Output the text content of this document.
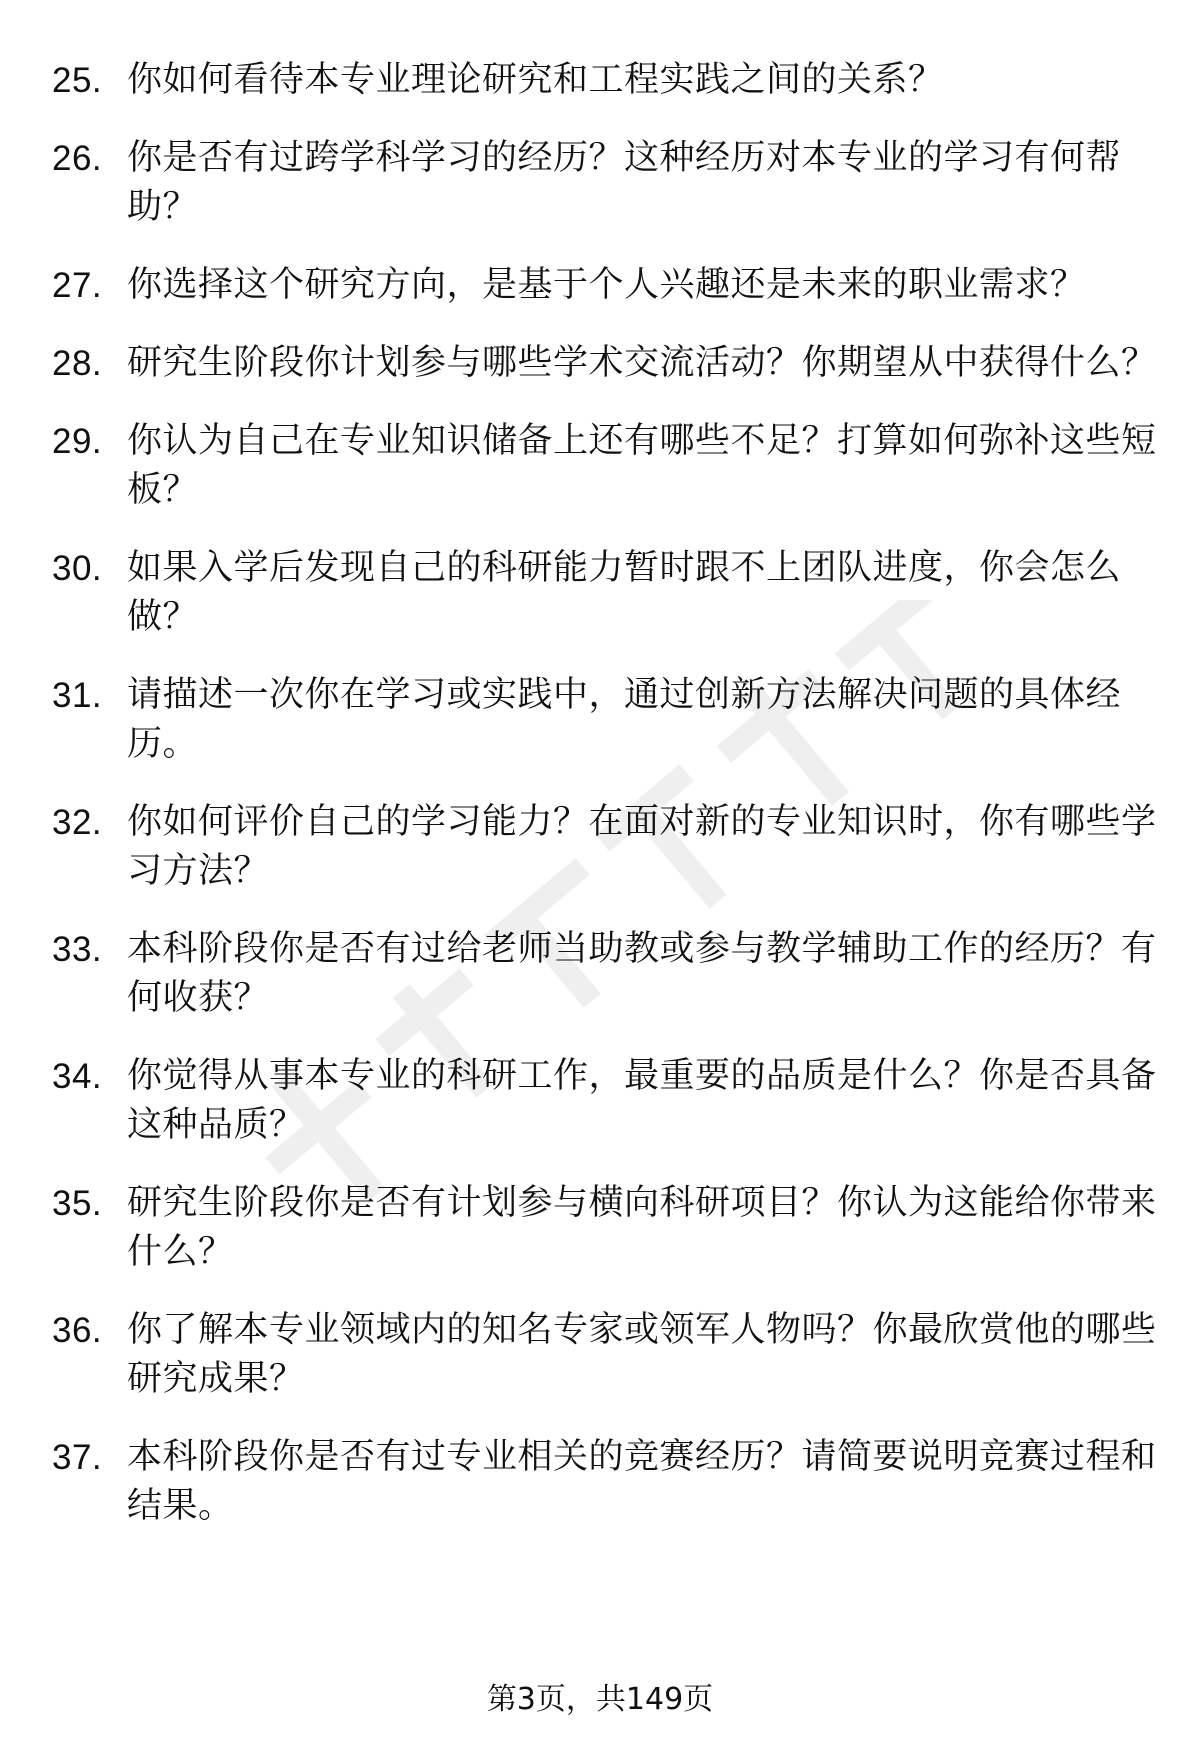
25. 你如何看待本专业理论研究和工程实践之间的关系？
26. 你是否有过跨学科学习的经历？这种经历对本专业的学习有何帮助？
27. 你选择这个研究方向，是基于个人兴趣还是未来的职业需求？
28. 研究生阶段你计划参与哪些学术交流活动？你期望从中获得什么？
29. 你认为自己在专业知识储备上还有哪些不足？打算如何弥补这些短板？
30. 如果入学后发现自己的科研能力暂时跟不上团队进度，你会怎么做？
31. 请描述一次你在学习或实践中，通过创新方法解决问题的具体经历。
32. 你如何评价自己的学习能力？在面对新的专业知识时，你有哪些学习方法？
33. 本科阶段你是否有过给老师当助教或参与教学辅助工作的经历？有何收获？
34. 你觉得从事本专业的科研工作，最重要的品质是什么？你是否具备这种品质？
35. 研究生阶段你是否有计划参与横向科研项目？你认为这能给你带来什么？
36. 你了解本专业领域内的知名专家或领军人物吗？你最欣赏他的哪些研究成果？
37. 本科阶段你是否有过专业相关的竞赛经历？请简要说明竞赛过程和结果。
第3页，共149页
